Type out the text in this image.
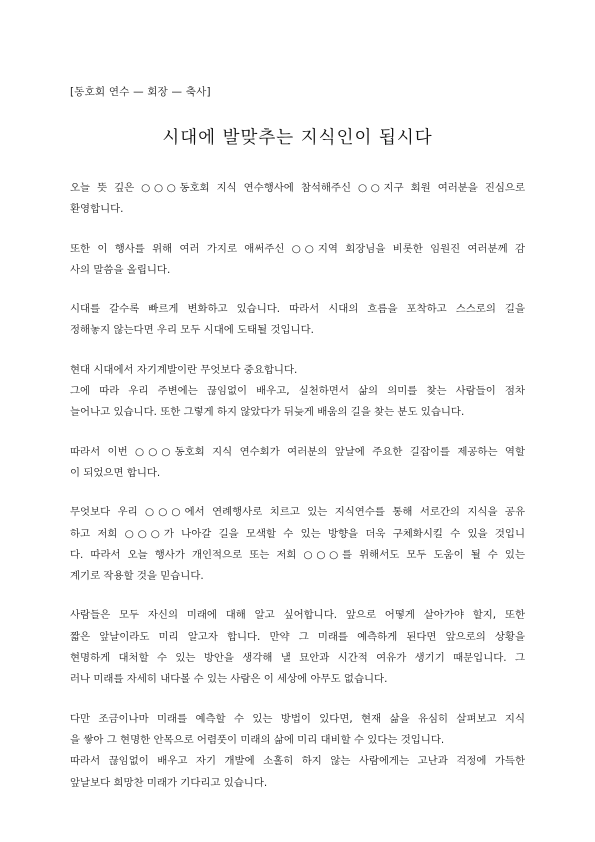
[동호회 연수 — 회장 — 축사]
시대에 발맞추는 지식인이 됩시다
오늘 뜻 깊은 ○○○동호회 지식 연수행사에 참석해주신 ○○지구 회원 여러분을 진심으로
환영합니다.
또한 이 행사를 위해 여러 가지로 애써주신 ○○지역 회장님을 비롯한 임원진 여러분께 감
사의 말씀을 올립니다.
시대를 갈수록 빠르게 변화하고 있습니다. 따라서 시대의 흐름을 포착하고 스스로의 길을
정해놓지 않는다면 우리 모두 시대에 도태될 것입니다.
현대 시대에서 자기계발이란 무엇보다 중요합니다.
그에 따라 우리 주변에는 끊임없이 배우고, 실천하면서 삶의 의미를 찾는 사람들이 점차
늘어나고 있습니다. 또한 그렇게 하지 않았다가 뒤늦게 배움의 길을 찾는 분도 있습니다.
따라서 이번 ○○○동호회 지식 연수회가 여러분의 앞날에 주요한 길잡이를 제공하는 역할
이 되었으면 합니다.
무엇보다 우리 ○○○에서 연례행사로 치르고 있는 지식연수를 통해 서로간의 지식을 공유
하고 저희 ○○○가 나아갈 길을 모색할 수 있는 방향을 더욱 구체화시킬 수 있을 것입니
다. 따라서 오늘 행사가 개인적으로 또는 저희 ○○○를 위해서도 모두 도움이 될 수 있는
계기로 작용할 것을 믿습니다.
사람들은 모두 자신의 미래에 대해 알고 싶어합니다. 앞으로 어떻게 살아가야 할지, 또한
짧은 앞날이라도 미리 알고자 합니다. 만약 그 미래를 예측하게 된다면 앞으로의 상황을
현명하게 대처할 수 있는 방안을 생각해 낼 묘안과 시간적 여유가 생기기 때문입니다. 그
러나 미래를 자세히 내다볼 수 있는 사람은 이 세상에 아무도 없습니다.
다만 조금이나마 미래를 예측할 수 있는 방법이 있다면, 현재 삶을 유심히 살펴보고 지식
을 쌓아 그 현명한 안목으로 어렴풋이 미래의 삶에 미리 대비할 수 있다는 것입니다.
따라서 끊임없이 배우고 자기 개발에 소홀히 하지 않는 사람에게는 고난과 걱정에 가득한
앞날보다 희망찬 미래가 기다리고 있습니다.
